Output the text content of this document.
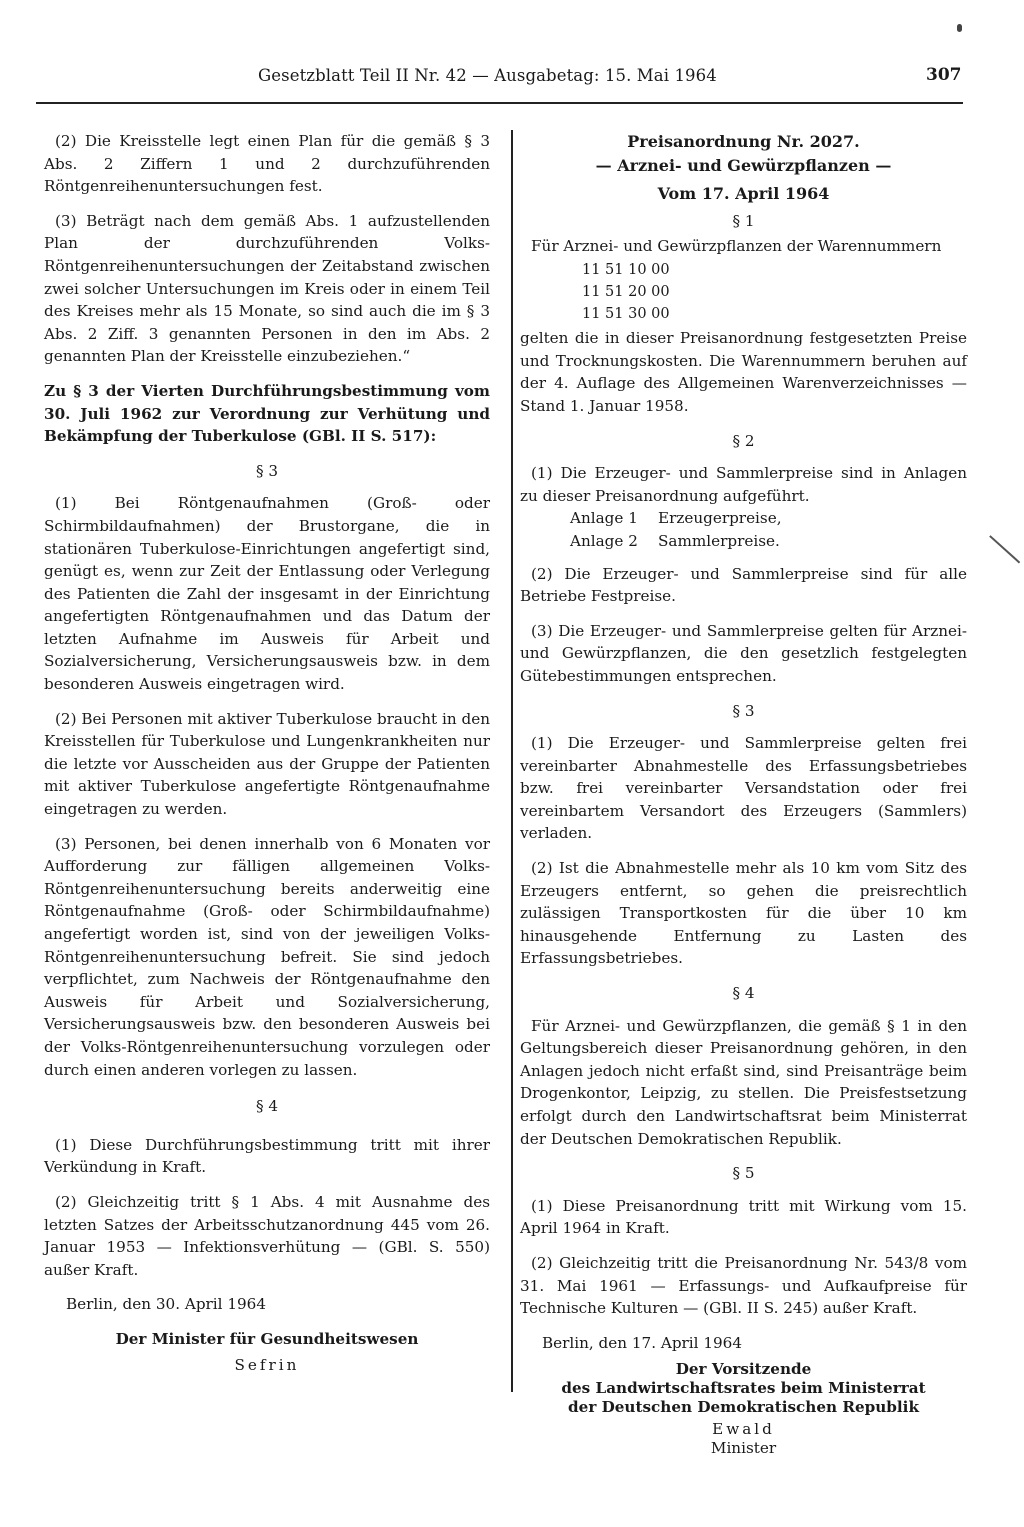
Gesetzblatt Teil II Nr. 42 — Ausgabetag: 15. Mai 1964	307

(2) Die Kreisstelle legt einen Plan für die gemäß § 3 Abs. 2 Ziffern 1 und 2 durchzuführenden Röntgenreihenuntersuchungen fest.

(3) Beträgt nach dem gemäß Abs. 1 aufzustellenden Plan der durchzuführenden Volks-Röntgenreihenuntersuchungen der Zeitabstand zwischen zwei solcher Untersuchungen im Kreis oder in einem Teil des Kreises mehr als 15 Monate, so sind auch die im § 3 Abs. 2 Ziff. 3 genannten Personen in den im Abs. 2 genannten Plan der Kreisstelle einzubeziehen.“

Zu § 3 der Vierten Durchführungsbestimmung vom 30. Juli 1962 zur Verordnung zur Verhütung und Bekämpfung der Tuberkulose (GBl. II S. 517):

§ 3

(1) Bei Röntgenaufnahmen (Groß- oder Schirmbildaufnahmen) der Brustorgane, die in stationären Tuberkulose-Einrichtungen angefertigt sind, genügt es, wenn zur Zeit der Entlassung oder Verlegung des Patienten die Zahl der insgesamt in der Einrichtung angefertigten Röntgenaufnahmen und das Datum der letzten Aufnahme im Ausweis für Arbeit und Sozialversicherung, Versicherungsausweis bzw. in dem besonderen Ausweis eingetragen wird.

(2) Bei Personen mit aktiver Tuberkulose braucht in den Kreisstellen für Tuberkulose und Lungenkrankheiten nur die letzte vor Ausscheiden aus der Gruppe der Patienten mit aktiver Tuberkulose angefertigte Röntgenaufnahme eingetragen zu werden.

(3) Personen, bei denen innerhalb von 6 Monaten vor Aufforderung zur fälligen allgemeinen Volks-Röntgenreihenuntersuchung bereits anderweitig eine Röntgenaufnahme (Groß- oder Schirmbildaufnahme) angefertigt worden ist, sind von der jeweiligen Volks-Röntgenreihenuntersuchung befreit. Sie sind jedoch verpflichtet, zum Nachweis der Röntgenaufnahme den Ausweis für Arbeit und Sozialversicherung, Versicherungsausweis bzw. den besonderen Ausweis bei der Volks-Röntgenreihenuntersuchung vorzulegen oder durch einen anderen vorlegen zu lassen.

§ 4

(1) Diese Durchführungsbestimmung tritt mit ihrer Verkündung in Kraft.

(2) Gleichzeitig tritt § 1 Abs. 4 mit Ausnahme des letzten Satzes der Arbeitsschutzanordnung 445 vom 26. Januar 1953 — Infektionsverhütung — (GBl. S. 550) außer Kraft.

Berlin, den 30. April 1964

Der Minister für Gesundheitswesen

Sefrin

Preisanordnung Nr. 2027.

— Arznei- und Gewürzpflanzen —

Vom 17. April 1964

§ 1

Für Arznei- und Gewürzpflanzen der Warennummern

11 51 10 00
11 51 20 00
11 51 30 00

gelten die in dieser Preisanordnung festgesetzten Preise und Trocknungskosten. Die Warennummern beruhen auf der 4. Auflage des Allgemeinen Warenverzeichnisses — Stand 1. Januar 1958.

§ 2

(1) Die Erzeuger- und Sammlerpreise sind in Anlagen zu dieser Preisanordnung aufgeführt.

Anlage 1 Erzeugerpreise,
Anlage 2 Sammlerpreise.

(2) Die Erzeuger- und Sammlerpreise sind für alle Betriebe Festpreise.

(3) Die Erzeuger- und Sammlerpreise gelten für Arznei- und Gewürzpflanzen, die den gesetzlich festgelegten Gütebestimmungen entsprechen.

§ 3

(1) Die Erzeuger- und Sammlerpreise gelten frei vereinbarter Abnahmestelle des Erfassungsbetriebes bzw. frei vereinbarter Versandstation oder frei vereinbartem Versandort des Erzeugers (Sammlers) verladen.

(2) Ist die Abnahmestelle mehr als 10 km vom Sitz des Erzeugers entfernt, so gehen die preisrechtlich zulässigen Transportkosten für die über 10 km hinausgehende Entfernung zu Lasten des Erfassungsbetriebes.

§ 4

Für Arznei- und Gewürzpflanzen, die gemäß § 1 in den Geltungsbereich dieser Preisanordnung gehören, in den Anlagen jedoch nicht erfaßt sind, sind Preisanträge beim Drogenkontor, Leipzig, zu stellen. Die Preisfestsetzung erfolgt durch den Landwirtschaftsrat beim Ministerrat der Deutschen Demokratischen Republik.

§ 5

(1) Diese Preisanordnung tritt mit Wirkung vom 15. April 1964 in Kraft.

(2) Gleichzeitig tritt die Preisanordnung Nr. 543/8 vom 31. Mai 1961 — Erfassungs- und Aufkaufpreise für Technische Kulturen — (GBl. II S. 245) außer Kraft.

Berlin, den 17. April 1964

Der Vorsitzende

des Landwirtschaftsrates beim Ministerrat

der Deutschen Demokratischen Republik

Ewald

Minister
